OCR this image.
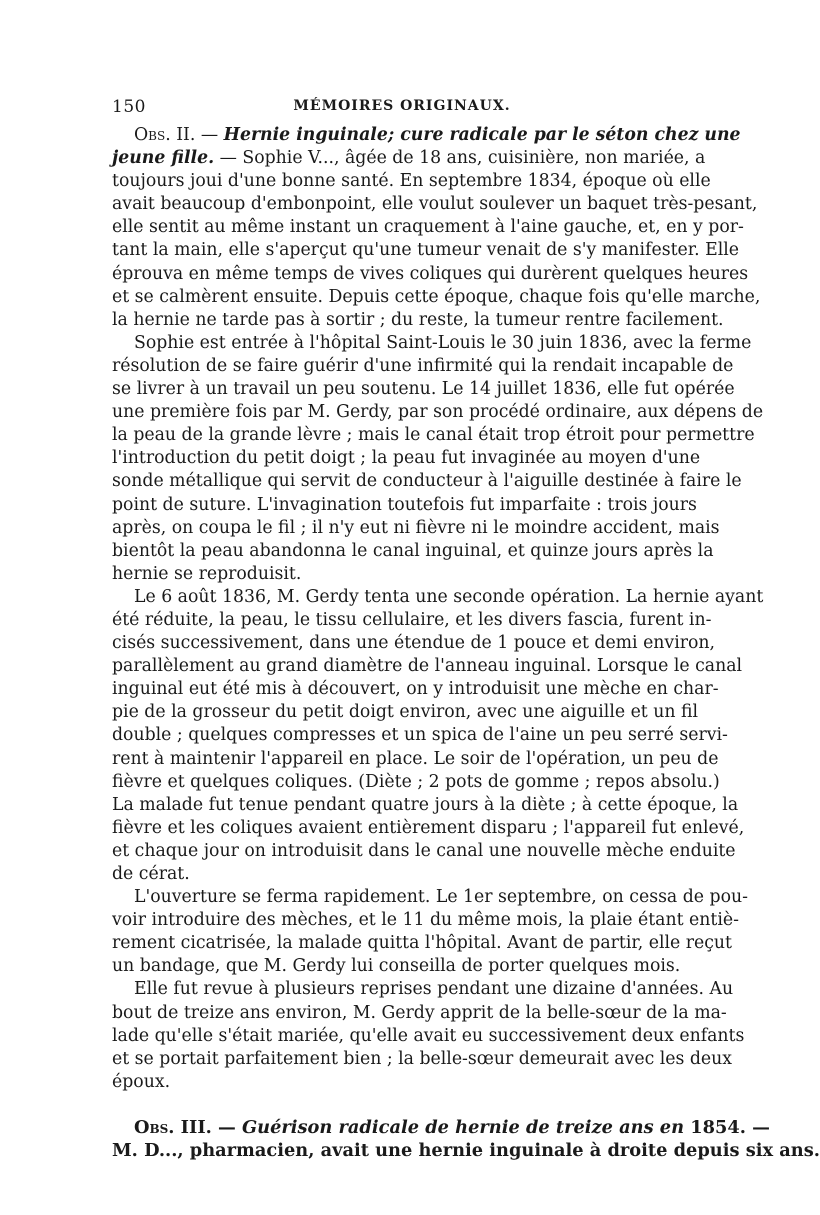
150	MÉMOIRES ORIGINAUX.
Obs. II. — Hernie inguinale; cure radicale par le séton chez une
jeune fille. — Sophie V..., âgée de 18 ans, cuisinière, non mariée, a
toujours joui d'une bonne santé. En septembre 1834, époque où elle
avait beaucoup d'embonpoint, elle voulut soulever un baquet très-pesant,
elle sentit au même instant un craquement à l'aine gauche, et, en y por-
tant la main, elle s'aperçut qu'une tumeur venait de s'y manifester. Elle
éprouva en même temps de vives coliques qui durèrent quelques heures
et se calmèrent ensuite. Depuis cette époque, chaque fois qu'elle marche,
la hernie ne tarde pas à sortir ; du reste, la tumeur rentre facilement.
Sophie est entrée à l'hôpital Saint-Louis le 30 juin 1836, avec la ferme
résolution de se faire guérir d'une infirmité qui la rendait incapable de
se livrer à un travail un peu soutenu. Le 14 juillet 1836, elle fut opérée
une première fois par M. Gerdy, par son procédé ordinaire, aux dépens de
la peau de la grande lèvre ; mais le canal était trop étroit pour permettre
l'introduction du petit doigt ; la peau fut invaginée au moyen d'une
sonde métallique qui servit de conducteur à l'aiguille destinée à faire le
point de suture. L'invagination toutefois fut imparfaite : trois jours
après, on coupa le fil ; il n'y eut ni fièvre ni le moindre accident, mais
bientôt la peau abandonna le canal inguinal, et quinze jours après la
hernie se reproduisit.
Le 6 août 1836, M. Gerdy tenta une seconde opération. La hernie ayant
été réduite, la peau, le tissu cellulaire, et les divers fascia, furent in-
cisés successivement, dans une étendue de 1 pouce et demi environ,
parallèlement au grand diamètre de l'anneau inguinal. Lorsque le canal
inguinal eut été mis à découvert, on y introduisit une mèche en char-
pie de la grosseur du petit doigt environ, avec une aiguille et un fil
double ; quelques compresses et un spica de l'aine un peu serré servi-
rent à maintenir l'appareil en place. Le soir de l'opération, un peu de
fièvre et quelques coliques. (Diète ; 2 pots de gomme ; repos absolu.)
La malade fut tenue pendant quatre jours à la diète ; à cette époque, la
fièvre et les coliques avaient entièrement disparu ; l'appareil fut enlevé,
et chaque jour on introduisit dans le canal une nouvelle mèche enduite
de cérat.
L'ouverture se ferma rapidement. Le 1er septembre, on cessa de pou-
voir introduire des mèches, et le 11 du même mois, la plaie étant entiè-
rement cicatrisée, la malade quitta l'hôpital. Avant de partir, elle reçut
un bandage, que M. Gerdy lui conseilla de porter quelques mois.
Elle fut revue à plusieurs reprises pendant une dizaine d'années. Au
bout de treize ans environ, M. Gerdy apprit de la belle-sœur de la ma-
lade qu'elle s'était mariée, qu'elle avait eu successivement deux enfants
et se portait parfaitement bien ; la belle-sœur demeurait avec les deux
époux.
Obs. III. — Guérison radicale de hernie de treize ans en 1854. —
M. D..., pharmacien, avait une hernie inguinale à droite depuis six ans.
